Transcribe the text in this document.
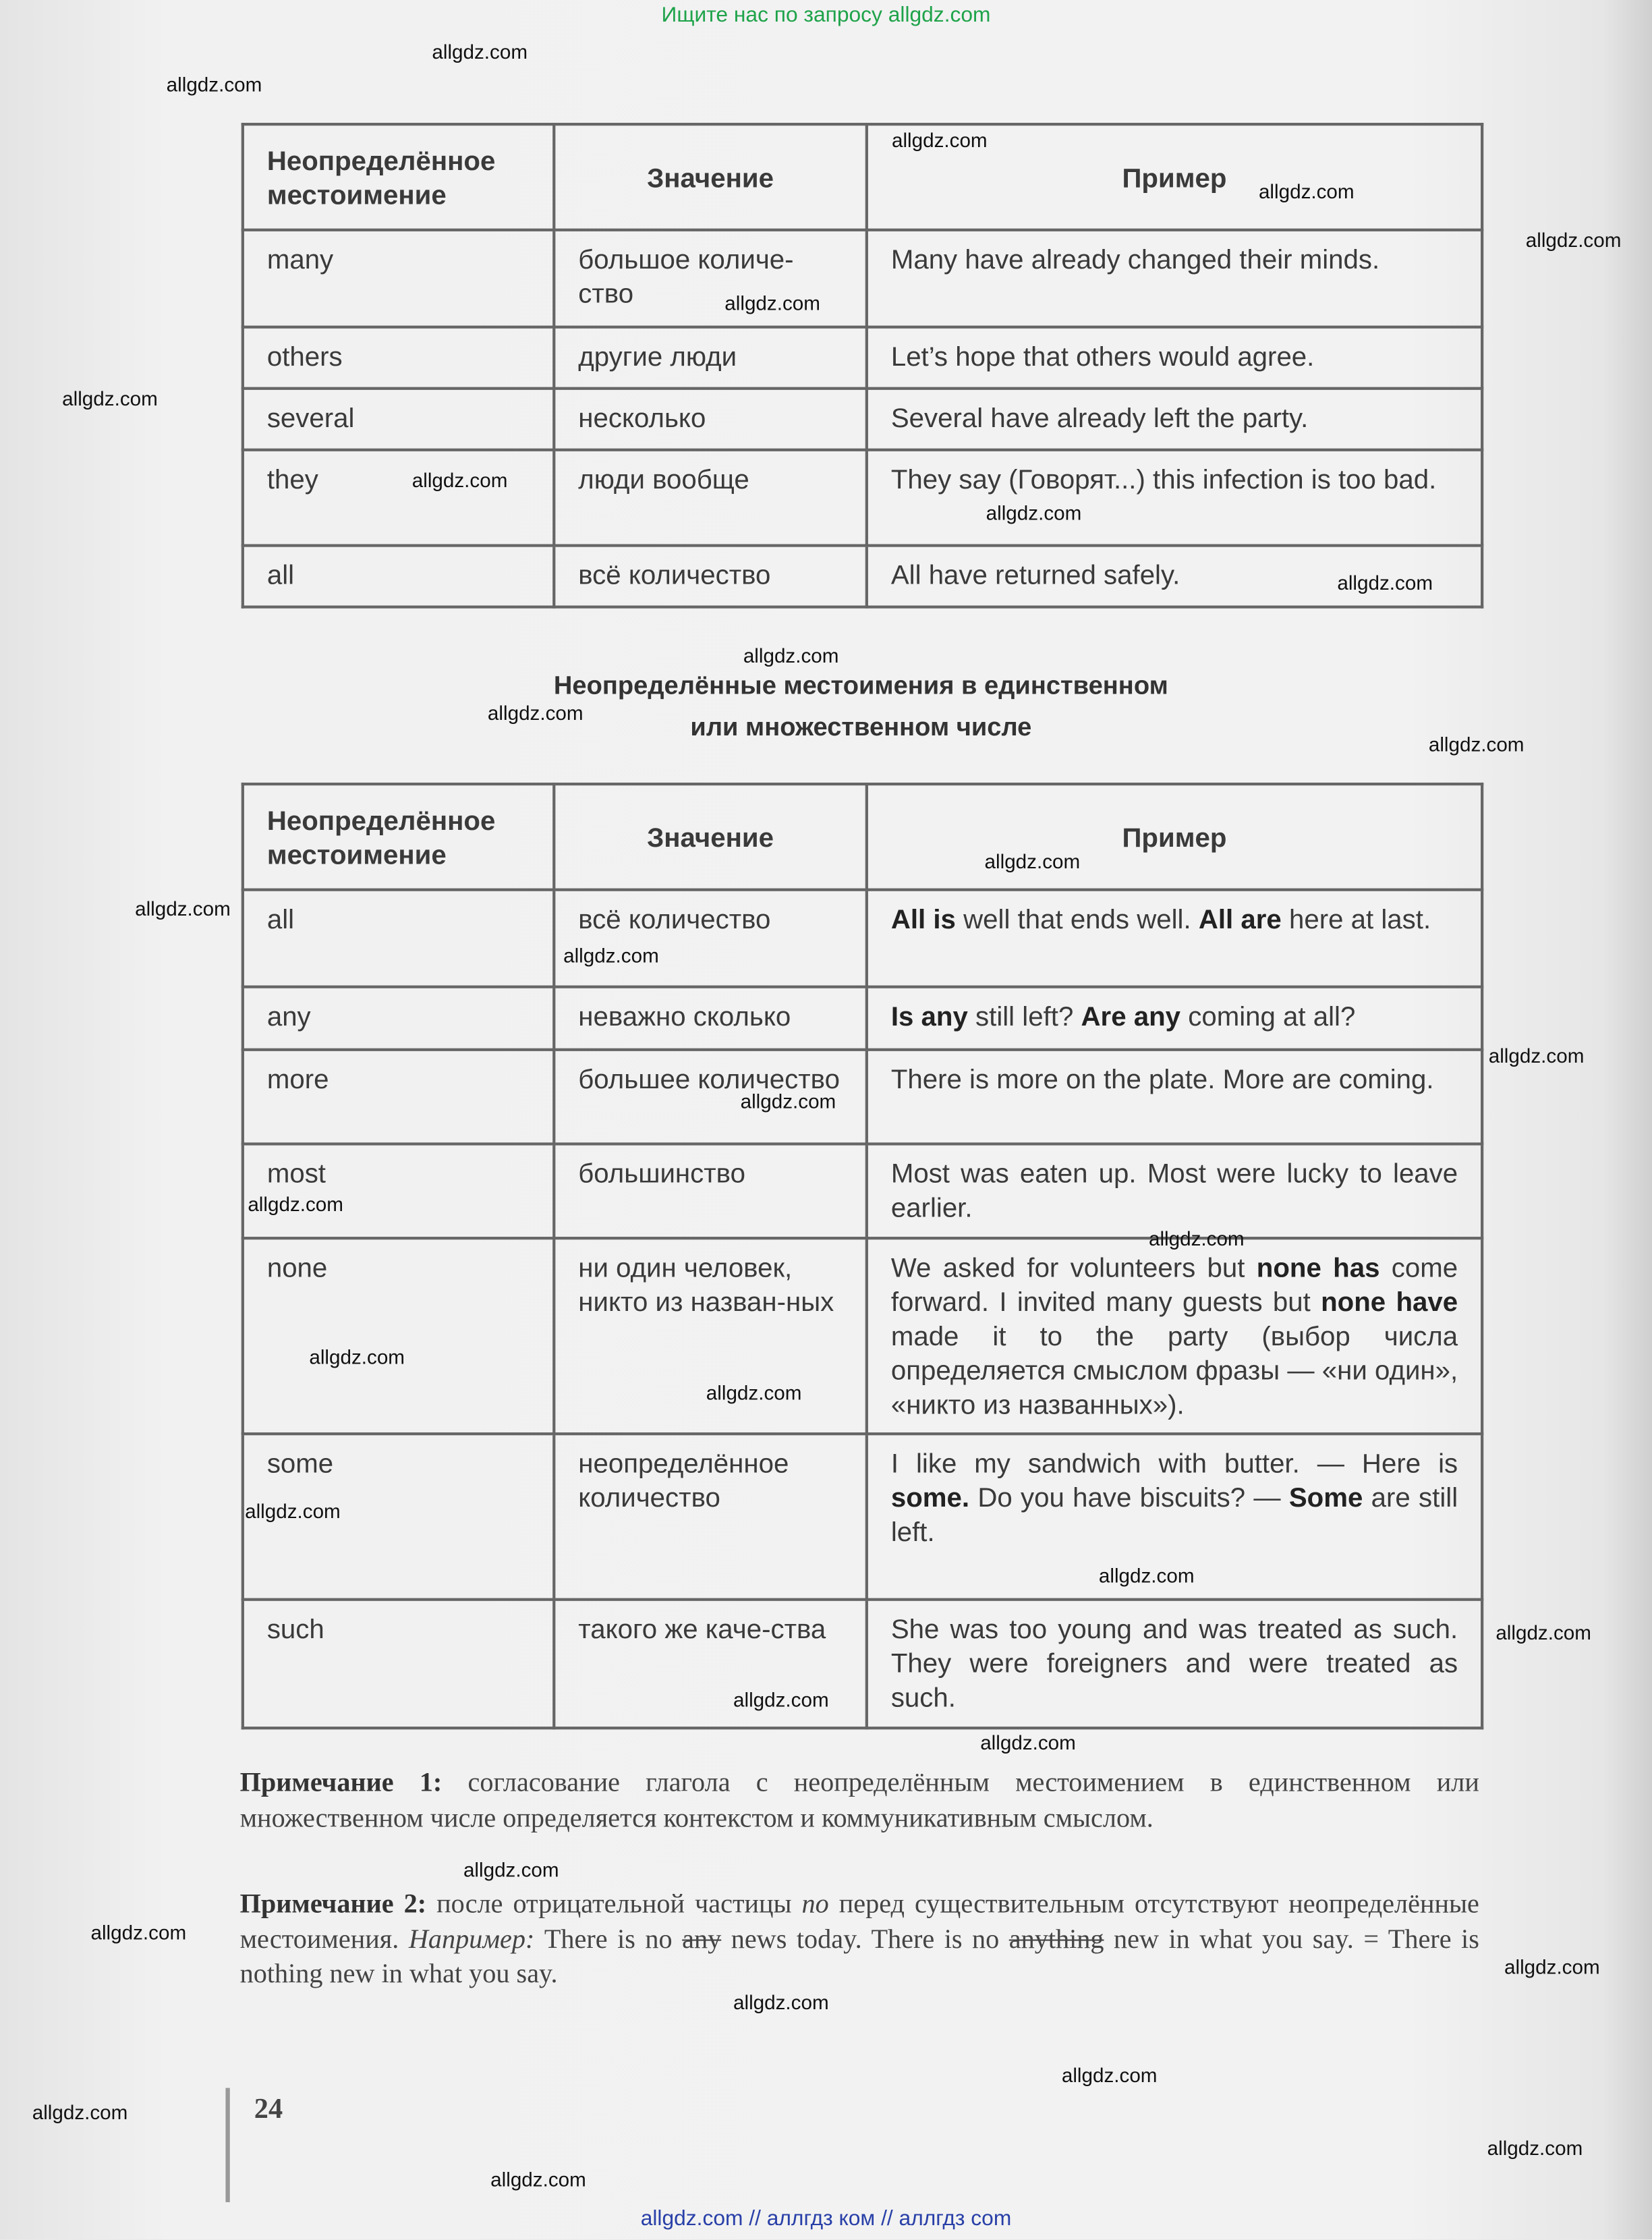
Ищите нас по запросу allgdz.com
Неопределённое местоимение	Значение	Пример
many	большое количе-ство	Many have already changed their minds.
others	другие люди	Let’s hope that others would agree.
several	несколько	Several have already left the party.
they	люди вообще	They say (Говорят...) this infection is too bad.
all	всё количество	All have returned safely.
Неопределённые местоимения в единственном
или множественном числе
Неопределённое местоимение	Значение	Пример
all	всё количество	All is well that ends well. All are here at last.
any	неважно сколько	Is any still left? Are any coming at all?
more	большее количество	There is more on the plate. More are coming.
most	большинство	Most was eaten up. Most were lucky to leave earlier.
none	ни один человек, никто из назван-ных	We asked for volunteers but none has come forward. I invited many guests but none have made it to the party (выбор числа определяется смыслом фразы — «ни один», «никто из названных»).
some	неопределённое количество	I like my sandwich with butter. — Here is some. Do you have biscuits? — Some are still left.
such	такого же каче-ства	She was too young and was treated as such. They were foreigners and were treated as such.
Примечание 1: согласование глагола с неопределённым местоимением в единственном или множественном числе определяется контекстом и коммуникативным смыслом.
Примечание 2: после отрицательной частицы no перед существительным отсутствуют неопределённые местоимения. Например: There is no any news today. There is no anything new in what you say. = There is nothing new in what you say.
24
allgdz.com // аллгдз ком // аллгдз com
allgdz.com
allgdz.com
allgdz.com
allgdz.com
allgdz.com
allgdz.com
allgdz.com
allgdz.com
allgdz.com
allgdz.com
allgdz.com
allgdz.com
allgdz.com
allgdz.com
allgdz.com
allgdz.com
allgdz.com
allgdz.com
allgdz.com
allgdz.com
allgdz.com
allgdz.com
allgdz.com
allgdz.com
allgdz.com
allgdz.com
allgdz.com
allgdz.com
allgdz.com
allgdz.com
allgdz.com
allgdz.com
allgdz.com
allgdz.com
allgdz.com
